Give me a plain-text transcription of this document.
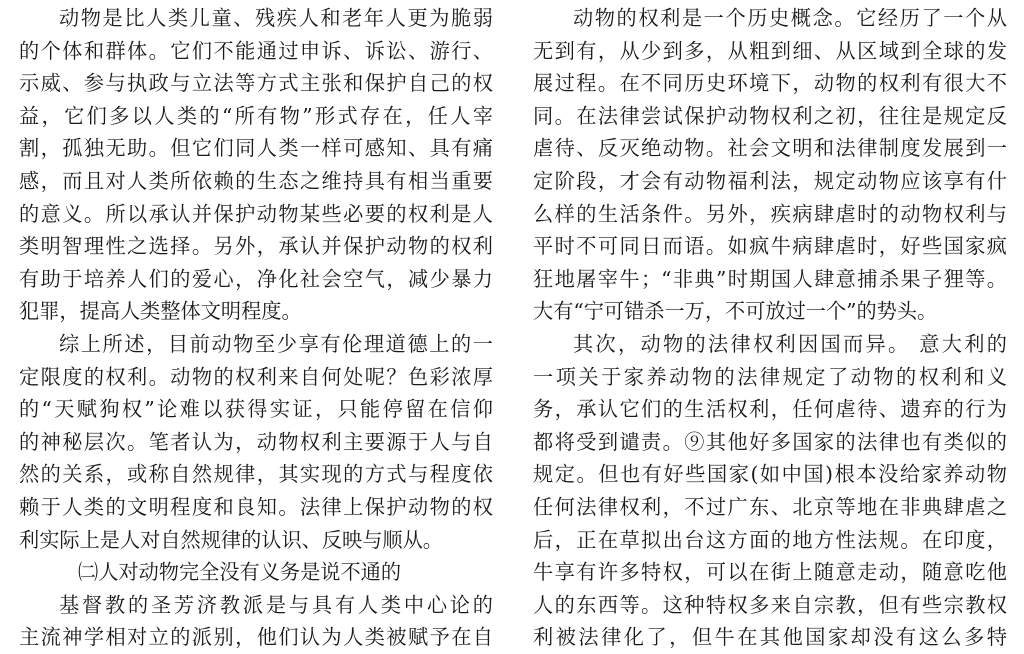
动物是比人类儿童、残疾人和老年人更为脆弱
的个体和群体。它们不能通过申诉、诉讼、游行、
示威、参与执政与立法等方式主张和保护自己的权
益，它们多以人类的“所有物”形式存在，任人宰
割，孤独无助。但它们同人类一样可感知、具有痛
感，而且对人类所依赖的生态之维持具有相当重要
的意义。所以承认并保护动物某些必要的权利是人
类明智理性之选择。另外，承认并保护动物的权利
有助于培养人们的爱心，净化社会空气，减少暴力
犯罪，提高人类整体文明程度。
综上所述，目前动物至少享有伦理道德上的一
定限度的权利。动物的权利来自何处呢？色彩浓厚
的“天赋狗权”论难以获得实证，只能停留在信仰
的神秘层次。笔者认为，动物权利主要源于人与自
然的关系，或称自然规律，其实现的方式与程度依
赖于人类的文明程度和良知。法律上保护动物的权
利实际上是人对自然规律的认识、反映与顺从。
㈡人对动物完全没有义务是说不通的
基督教的圣芳济教派是与具有人类中心论的
主流神学相对立的派别，他们认为人类被赋予在自
动物的权利是一个历史概念。它经历了一个从
无到有，从少到多，从粗到细、从区域到全球的发
展过程。在不同历史环境下，动物的权利有很大不
同。在法律尝试保护动物权利之初，往往是规定反
虐待、反灭绝动物。社会文明和法律制度发展到一
定阶段，才会有动物福利法，规定动物应该享有什
么样的生活条件。另外，疾病肆虐时的动物权利与
平时不可同日而语。如疯牛病肆虐时，好些国家疯
狂地屠宰牛；“非典”时期国人肆意捕杀果子狸等。
大有“宁可错杀一万，不可放过一个”的势头。
其次，动物的法律权利因国而异。 意大利的
一项关于家养动物的法律规定了动物的权利和义
务，承认它们的生活权利，任何虐待、遗弃的行为
都将受到谴责。⑨其他好多国家的法律也有类似的
规定。但也有好些国家(如中国)根本没给家养动物
任何法律权利，不过广东、北京等地在非典肆虐之
后，正在草拟出台这方面的地方性法规。在印度，
牛享有许多特权，可以在街上随意走动，随意吃他
人的东西等。这种特权多来自宗教，但有些宗教权
利被法律化了，但牛在其他国家却没有这么多特
